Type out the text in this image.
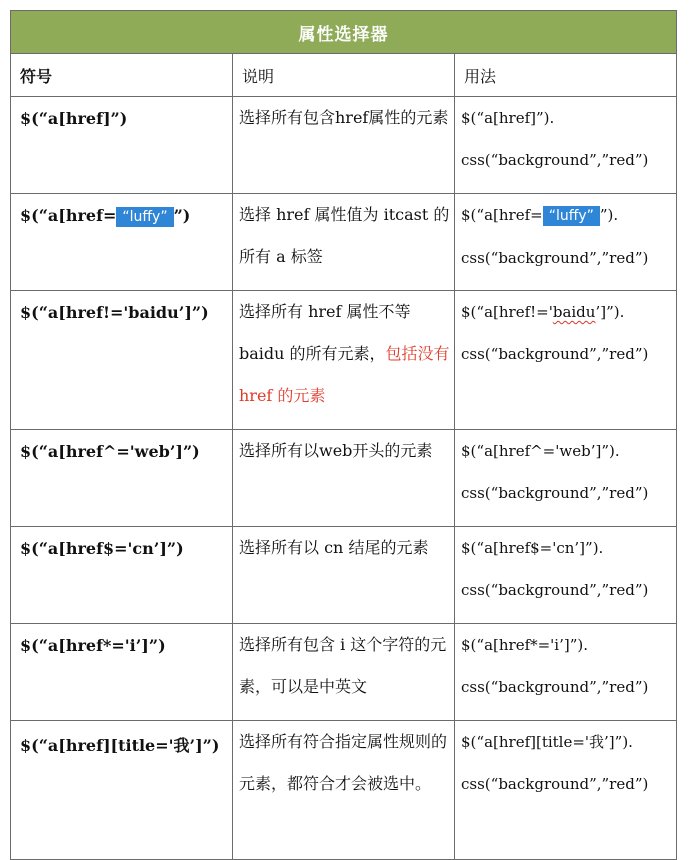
属性选择器		
符号	说明	用法
$(“a[href]”)	选择所有包含href属性的元素	$(“a[href]”).
css(“background”,”red”)

$(“a[href= “luffy” ”)	选择 href 属性值为 itcast 的所有 a 标签	$(“a[href= “luffy” ”).
css(“background”,”red”)

$(“a[href!='baidu’]”)	选择所有 href 属性不等 baidu 的所有元素，包括没有 href 的元素	$(“a[href!='baidu’]”).
css(“background”,”red”)

$(“a[href^='web’]”)	选择所有以web开头的元素	$(“a[href^='web’]”).
css(“background”,”red”)

$(“a[href$='cn’]”)	选择所有以 cn 结尾的元素	$(“a[href$='cn’]”).
css(“background”,”red”)

$(“a[href*='i’]”)	选择所有包含 i 这个字符的元素，可以是中英文	$(“a[href*='i’]”).
css(“background”,”red”)

$(“a[href][title='我’]”)	选择所有符合指定属性规则的元素，都符合才会被选中。	$(“a[href][title='我’]”).
css(“background”,”red”)
